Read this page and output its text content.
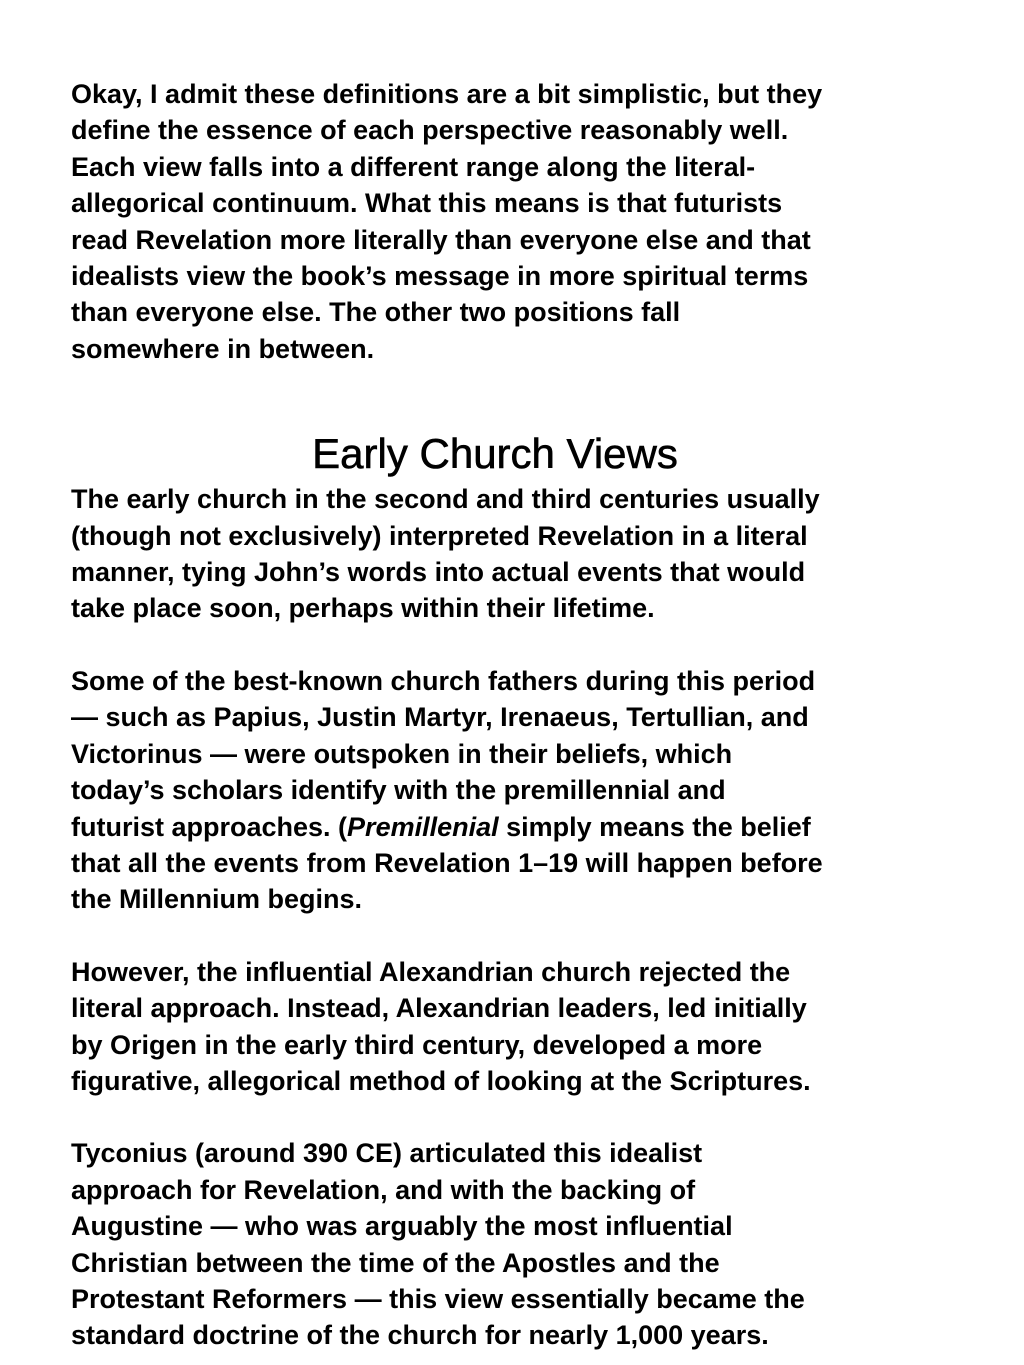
Okay, I admit these definitions are a bit simplistic, but they
define the essence of each perspective reasonably well.
Each view falls into a different range along the literal-
allegorical continuum. What this means is that futurists
read Revelation more literally than everyone else and that
idealists view the book’s message in more spiritual terms
than everyone else. The other two positions fall
somewhere in between.

Early Church Views

The early church in the second and third centuries usually
(though not exclusively) interpreted Revelation in a literal
manner, tying John’s words into actual events that would
take place soon, perhaps within their lifetime.

Some of the best-known church fathers during this period
— such as Papius, Justin Martyr, Irenaeus, Tertullian, and
Victorinus — were outspoken in their beliefs, which
today’s scholars identify with the premillennial and
futurist approaches. (Premillenial simply means the belief
that all the events from Revelation 1–19 will happen before
the Millennium begins.

However, the influential Alexandrian church rejected the
literal approach. Instead, Alexandrian leaders, led initially
by Origen in the early third century, developed a more
figurative, allegorical method of looking at the Scriptures.

Tyconius (around 390 CE) articulated this idealist
approach for Revelation, and with the backing of
Augustine — who was arguably the most influential
Christian between the time of the Apostles and the
Protestant Reformers — this view essentially became the
standard doctrine of the church for nearly 1,000 years.
